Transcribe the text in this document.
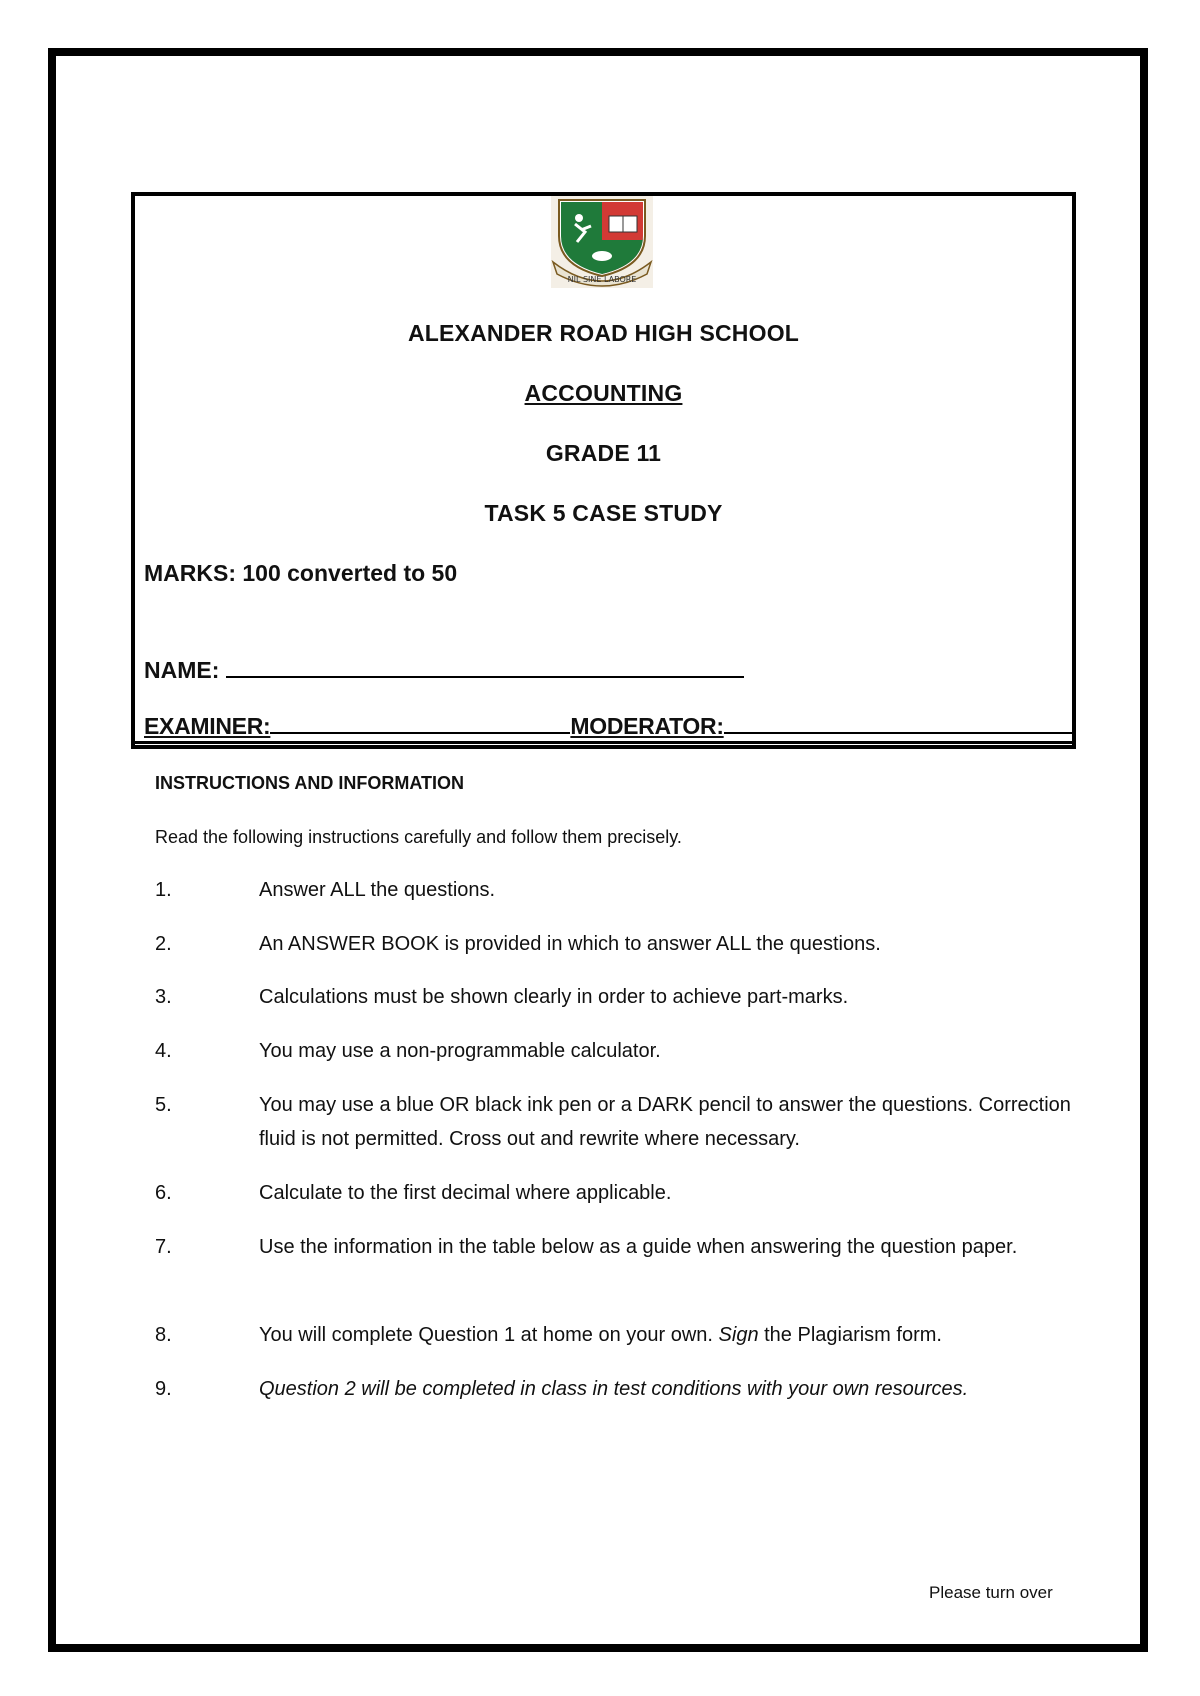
NIL SINE LABORE
ALEXANDER ROAD HIGH SCHOOL
ACCOUNTING
GRADE 11
TASK 5 CASE STUDY
MARKS: 100 converted to 50
NAME:
EXAMINER:	MODERATOR:
INSTRUCTIONS AND INFORMATION
Read the following instructions carefully and follow them precisely.
1.	Answer ALL the questions.
2.	An ANSWER BOOK is provided in which to answer ALL the questions.
3.	Calculations must be shown clearly in order to achieve part-marks.
4.	You may use a non-programmable calculator.
5.	You may use a blue OR black ink pen or a DARK pencil to answer the questions. Correction fluid is not permitted. Cross out and rewrite where necessary.
6.	Calculate to the first decimal where applicable.
7.	Use the information in the table below as a guide when answering the question paper.
8.	You will complete Question 1 at home on your own. Sign the Plagiarism form.
9.	Question 2 will be completed in class in test conditions with your own resources.
Please turn over
